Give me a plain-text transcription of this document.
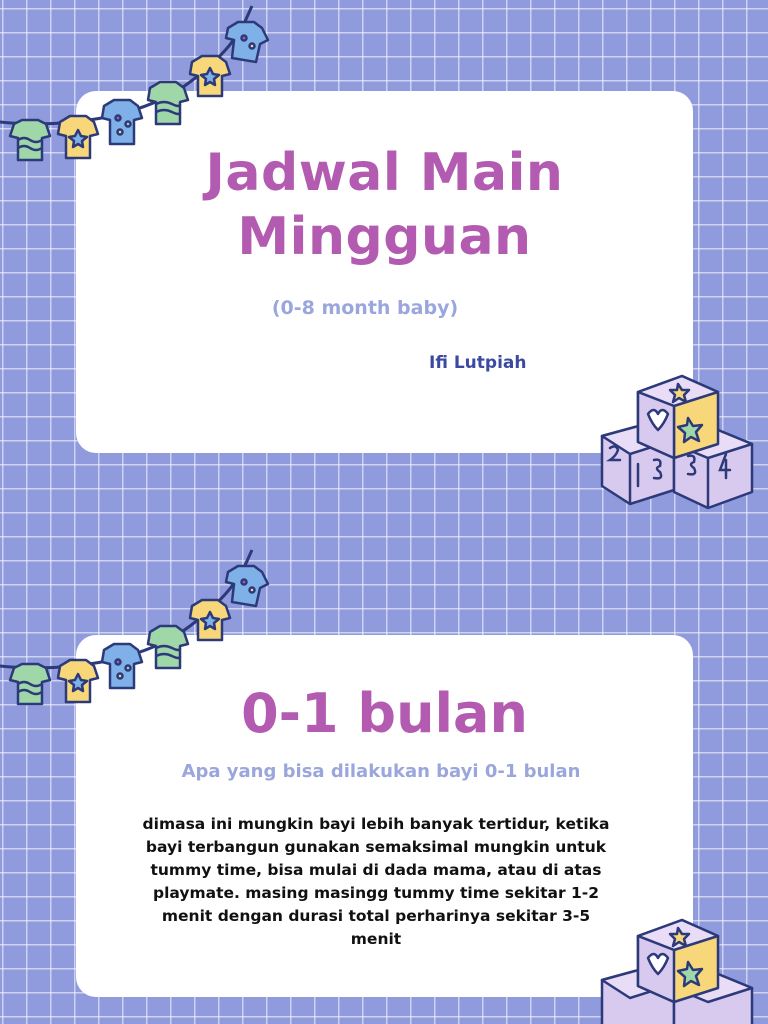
Jadwal Main
Mingguan
(0-8 month baby)
Ifi Lutpiah
0-1 bulan
Apa yang bisa dilakukan bayi 0-1 bulan
dimasa ini mungkin bayi lebih banyak tertidur, ketika bayi terbangun gunakan semaksimal mungkin untuk tummy time, bisa mulai di dada mama, atau di atas playmate. masing masingg tummy time sekitar 1-2 menit dengan durasi total perharinya sekitar 3-5 menit
